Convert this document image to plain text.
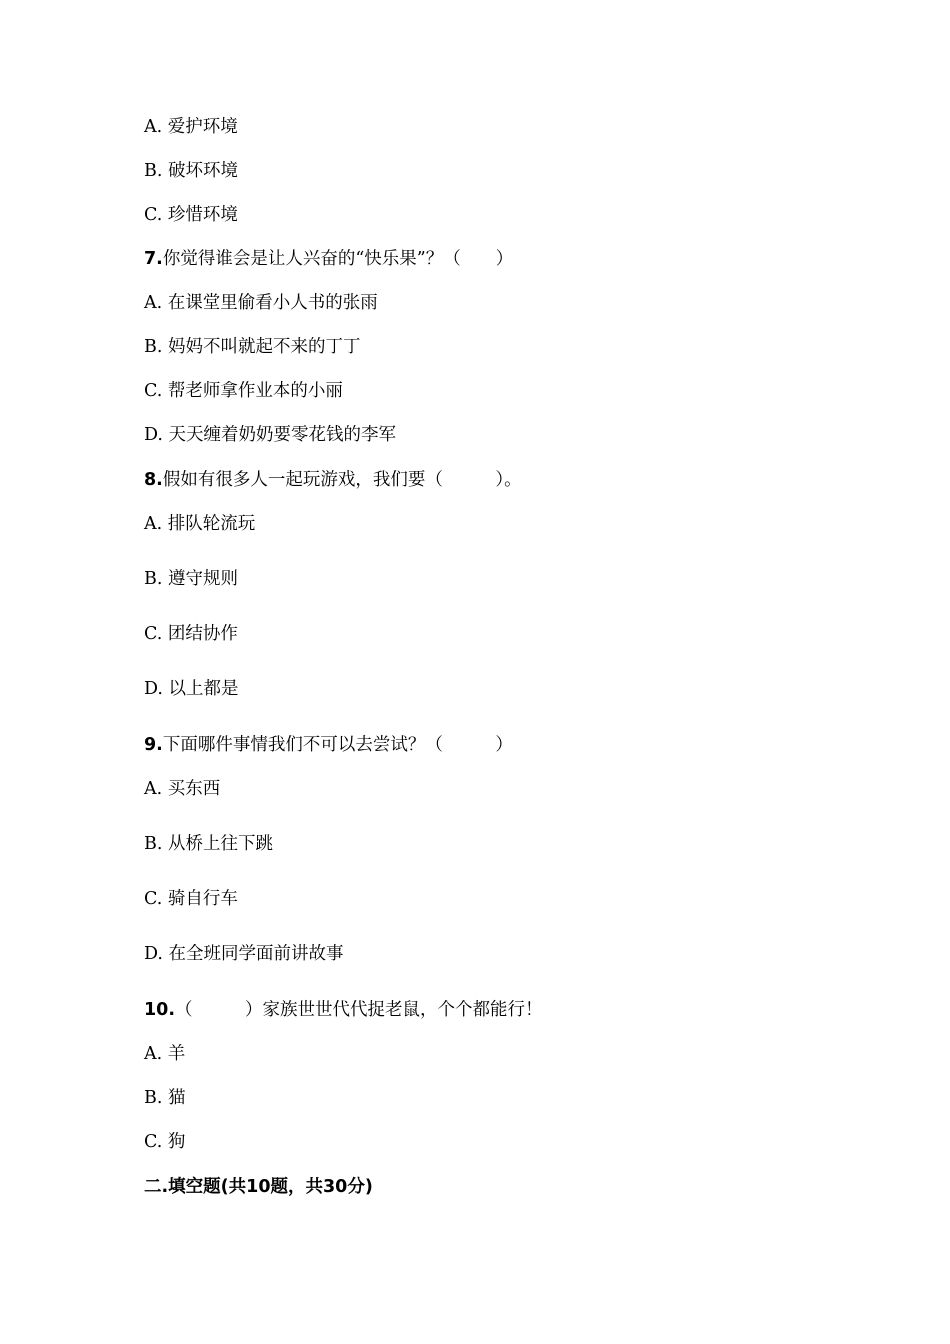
A. 爱护环境
B. 破坏环境
C. 珍惜环境
7.你觉得谁会是让人兴奋的“快乐果”？（　　）
A. 在课堂里偷看小人书的张雨
B. 妈妈不叫就起不来的丁丁
C. 帮老师拿作业本的小丽
D. 天天缠着奶奶要零花钱的李军
8.假如有很多人一起玩游戏，我们要（　　　）。
A. 排队轮流玩
B. 遵守规则
C. 团结协作
D. 以上都是
9.下面哪件事情我们不可以去尝试？（　　　）
A. 买东西
B. 从桥上往下跳
C. 骑自行车
D. 在全班同学面前讲故事
10.（　　　）家族世世代代捉老鼠，个个都能行！
A. 羊
B. 猫
C. 狗
二.填空题(共10题，共30分)
